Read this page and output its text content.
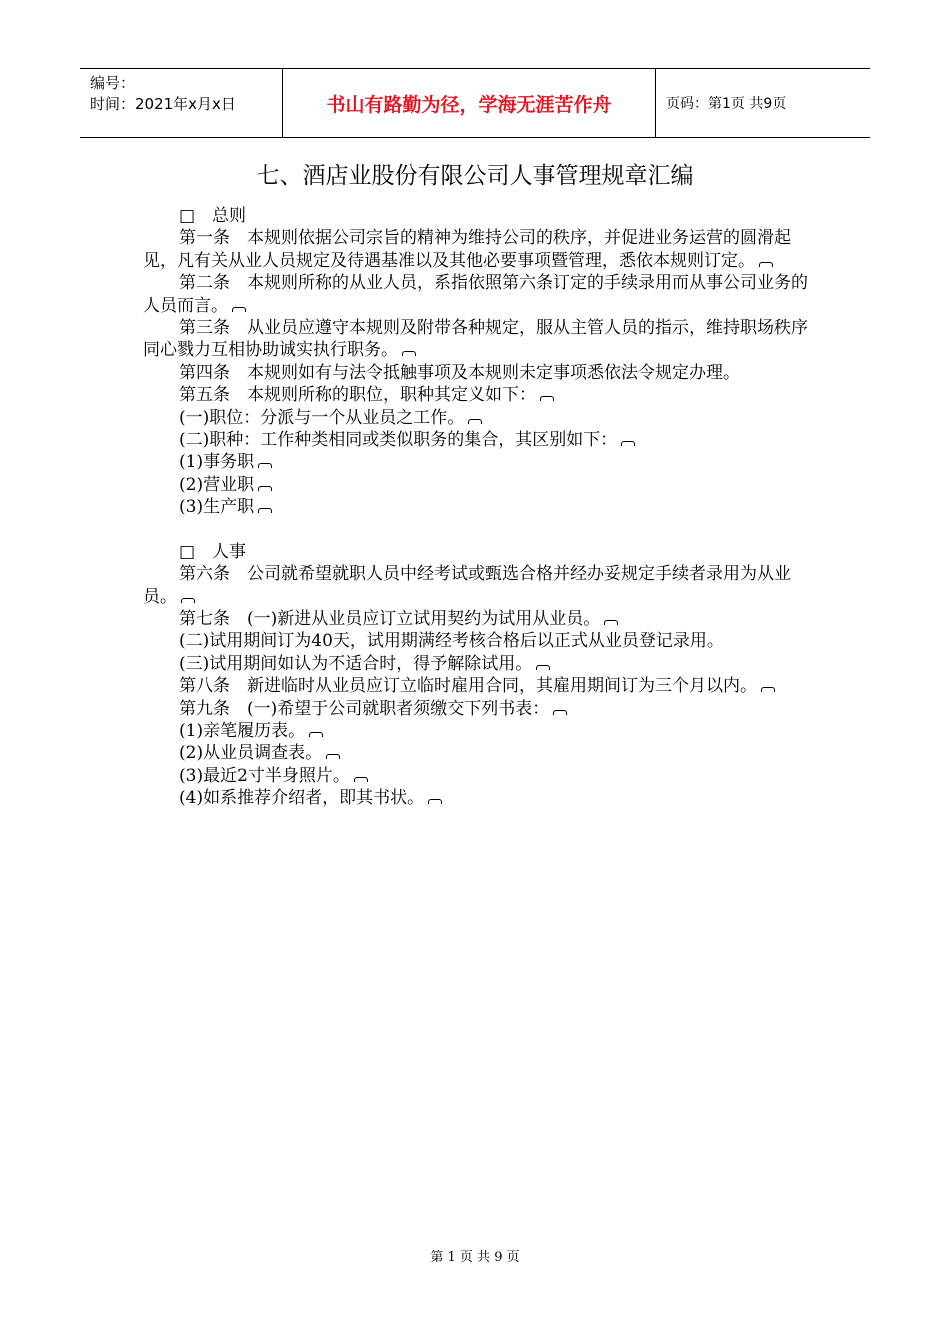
编号：
时间：2021年x月x日	书山有路勤为径，学海无涯苦作舟	页码：第1页 共9页
七、酒店业股份有限公司人事管理规章汇编
□　总则
第一条　本规则依据公司宗旨的精神为维持公司的秩序，并促进业务运营的圆滑起见，凡有关从业人员规定及待遇基准以及其他必要事项暨管理，悉依本规则订定。
第二条　本规则所称的从业人员，系指依照第六条订定的手续录用而从事公司业务的人员而言。
第三条　从业员应遵守本规则及附带各种规定，服从主管人员的指示，维持职场秩序同心戮力互相协助诚实执行职务。
第四条　本规则如有与法令抵触事项及本规则未定事项悉依法令规定办理。
第五条　本规则所称的职位，职种其定义如下：
(一)职位：分派与一个从业员之工作。
(二)职种：工作种类相同或类似职务的集合，其区别如下：
(1)事务职
(2)营业职
(3)生产职
□　人事
第六条　公司就希望就职人员中经考试或甄选合格并经办妥规定手续者录用为从业员。
第七条　(一)新进从业员应订立试用契约为试用从业员。
(二)试用期间订为40天，试用期满经考核合格后以正式从业员登记录用。
(三)试用期间如认为不适合时，得予解除试用。
第八条　新进临时从业员应订立临时雇用合同，其雇用期间订为三个月以内。
第九条　(一)希望于公司就职者须缴交下列书表：
(1)亲笔履历表。
(2)从业员调查表。
(3)最近2寸半身照片。
(4)如系推荐介绍者，即其书状。
第 1 页 共 9 页
